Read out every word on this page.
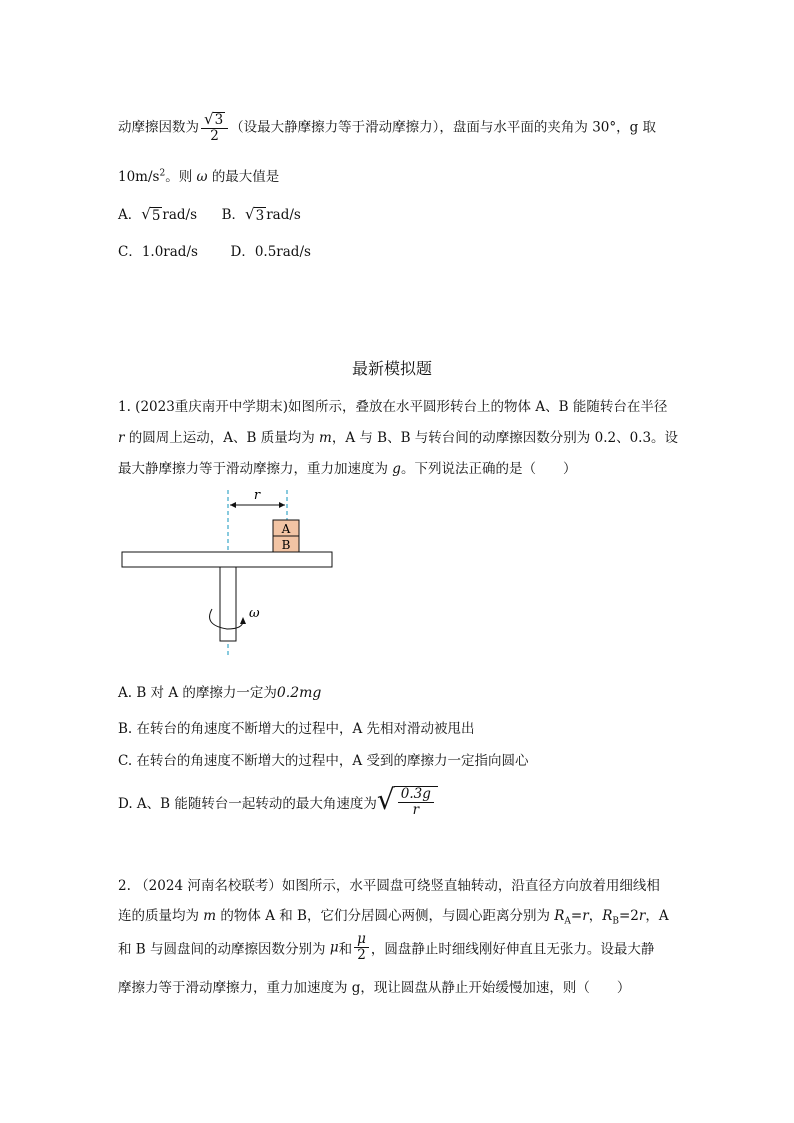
动摩擦因数为 $\frac{√ 3}{2}$ （设最大静摩擦力等于滑动摩擦力），盘面与水平面的夹角为 30°，g 取
$10m/s^2$。则 ω 的最大值是
A． √ 5 rad/s B． √ 3 rad/s
C．1.0rad/s D．0.5rad/s
最新模拟题
1. (2023重庆南开中学期末)如图所示，叠放在水平圆形转台上的物体 A、B 能随转台在半径
r 的圆周上运动，A、B 质量均为 m，A 与 B、B 与转台间的动摩擦因数分别为 0.2、0.3。设
最大静摩擦力等于滑动摩擦力，重力加速度为 g。下列说法正确的是（　　）
r
A
B
ω
A. B 对 A 的摩擦力一定为0.2mg
B. 在转台的角速度不断增大的过程中，A 先相对滑动被甩出
C. 在转台的角速度不断增大的过程中，A 受到的摩擦力一定指向圆心
D. A、B 能随转台一起转动的最大角速度为 √ $\frac{0.3g}{r}$
2. （2024 河南名校联考）如图所示，水平圆盘可绕竖直轴转动，沿直径方向放着用细线相
连的质量均为 m 的物体 A 和 B，它们分居圆心两侧，与圆心距离分别为 $R_A=r$，$R_B=2r$，A
和 B 与圆盘间的动摩擦因数分别为 μ和 $\frac{\mu}{2}$ ，圆盘静止时细线刚好伸直且无张力。设最大静
摩擦力等于滑动摩擦力，重力加速度为 g，现让圆盘从静止开始缓慢加速，则（　　）
